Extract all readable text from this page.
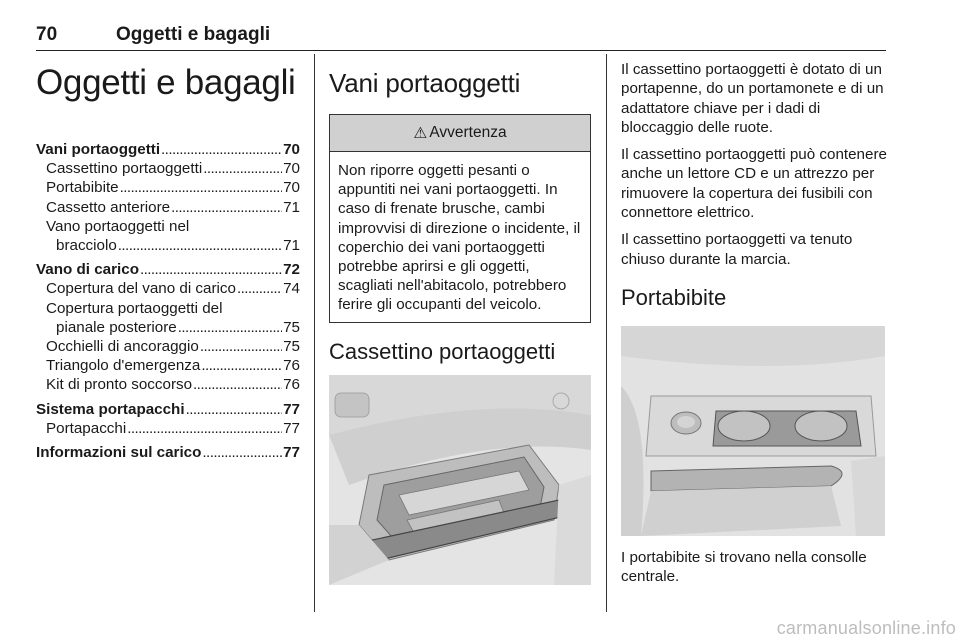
70	Oggetti e bagagli
Oggetti e bagagli
Vani portaoggetti . . .	70
Cassettino portaoggetti . . .	70
Portabibite . . .	70
Cassetto anteriore . . .	71
Vano portaoggetti nel
bracciolo . . .	71
Vano di carico . . .	72
Copertura del vano di carico . . .	74
Copertura portaoggetti del
pianale posteriore . . .	75
Occhielli di ancoraggio . . .	75
Triangolo d'emergenza . . .	76
Kit di pronto soccorso . . .	76
Sistema portapacchi . . .	77
Portapacchi . . .	77
Informazioni sul carico . . .	77
Vani portaoggetti
⚠ Avvertenza
Non riporre oggetti pesanti o appuntiti nei vani portaoggetti. In caso di frenate brusche, cambi improvvisi di direzione o incidente, il coperchio dei vani portaoggetti potrebbe aprirsi e gli oggetti, scagliati nell'abitacolo, potrebbero ferire gli occupanti del veicolo.
Cassettino portaoggetti

Il cassettino portaoggetti è dotato di un portapenne, do un portamonete e di un adattatore chiave per i dadi di bloccaggio delle ruote.

Il cassettino portaoggetti può contenere anche un lettore CD e un attrezzo per rimuovere la copertura dei fusibili con connettore elettrico.

Il cassettino portaoggetti va tenuto chiuso durante la marcia.

Portabibite

I portabibite si trovano nella consolle centrale.

carmanualsonline.info
